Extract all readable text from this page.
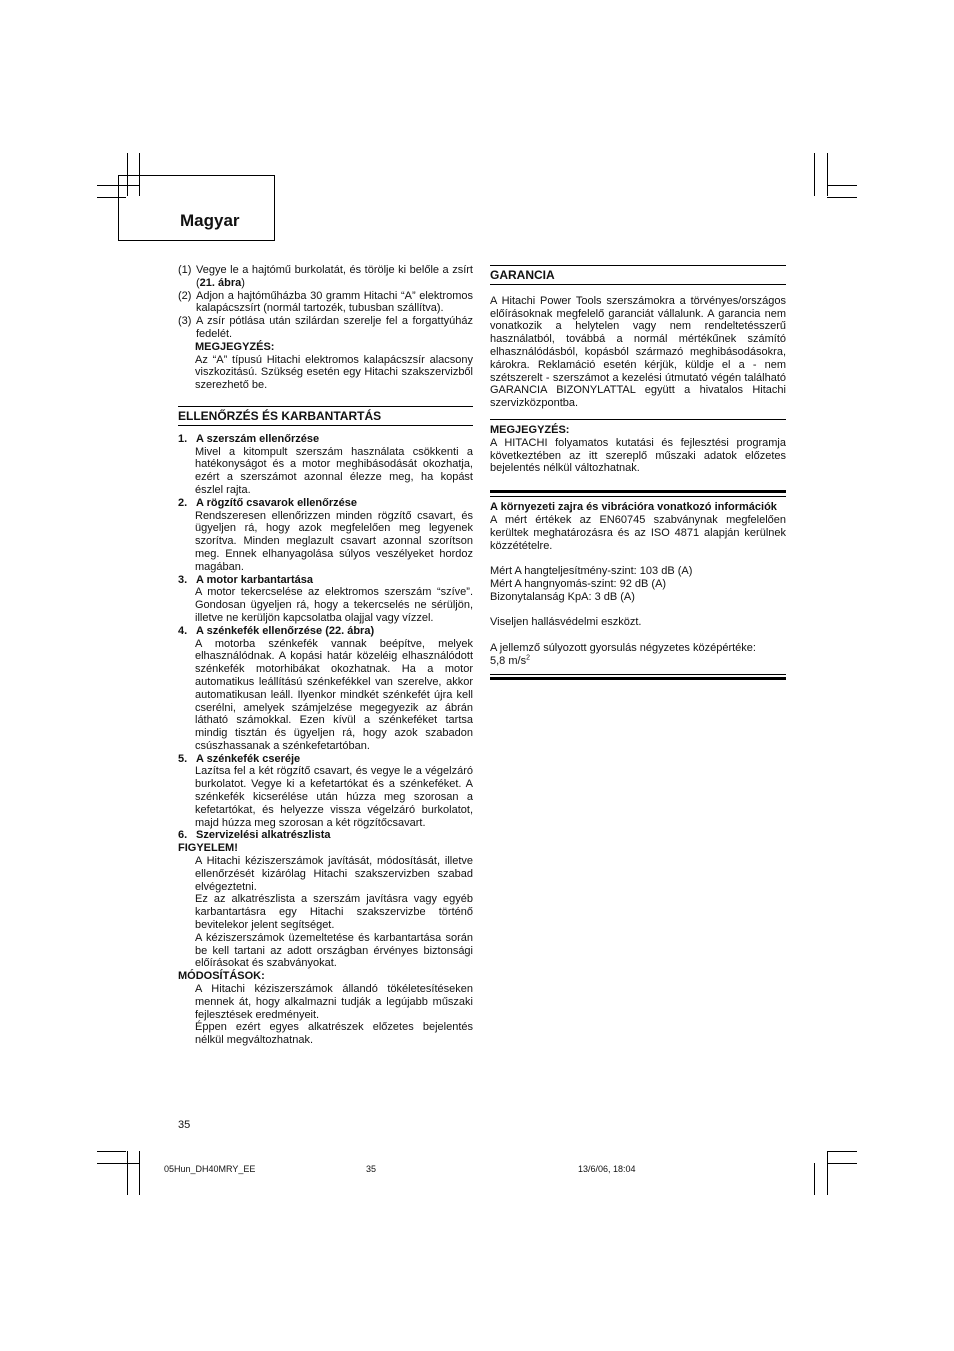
Magyar
(1) Vegye le a hajtómű burkolatát, és törölje ki belőle a zsírt (21. ábra)
(2) Adjon a hajtóműházba 30 gramm Hitachi “A” elektromos kalapácszsírt (normál tartozék, tubusban szállítva).
(3) A zsír pótlása után szilárdan szerelje fel a forgattyúház fedelét.
MEGJEGYZÉS:
Az “A” típusú Hitachi elektromos kalapácszsír alacsony viszkozitású. Szükség esetén egy Hitachi szakszervizből szerezhető be.
ELLENŐRZÉS ÉS KARBANTARTÁS
1. A szerszám ellenőrzése
Mivel a kitompult szerszám használata csökkenti a hatékonyságot és a motor meghibásodását okozhatja, ezért a szerszámot azonnal élezze meg, ha kopást észlel rajta.
2. A rögzítő csavarok ellenőrzése
Rendszeresen ellenőrizzen minden rögzítő csavart, és ügyeljen rá, hogy azok megfelelően meg legyenek szorítva. Minden meglazult csavart azonnal szorítson meg. Ennek elhanyagolása súlyos veszélyeket hordoz magában.
3. A motor karbantartása
A motor tekercselése az elektromos szerszám “szíve”. Gondosan ügyeljen rá, hogy a tekercselés ne sérüljön, illetve ne kerüljön kapcsolatba olajjal vagy vízzel.
4. A szénkefék ellenőrzése (22. ábra)
A motorba szénkefék vannak beépítve, melyek elhasználódnak. A kopási határ közeléig elhasználódott szénkefék motorhibákat okozhatnak. Ha a motor automatikus leállítású szénkefékkel van szerelve, akkor automatikusan leáll. Ilyenkor mindkét szénkefét újra kell cserélni, amelyek számjelzése megegyezik az ábrán látható számokkal. Ezen kívül a szénkeféket tartsa mindig tisztán és ügyeljen rá, hogy azok szabadon csúszhassanak a szénkefetartóban.
5. A szénkefék cseréje
Lazítsa fel a két rögzítő csavart, és vegye le a végelzáró burkolatot. Vegye ki a kefetartókat és a szénkeféket. A szénkefék kicserélése után húzza meg szorosan a kefetartókat, és helyezze vissza végelzáró burkolatot, majd húzza meg szorosan a két rögzítőcsavart.
6. Szervizelési alkatrészlista
FIGYELEM!
A Hitachi kéziszerszámok javítását, módosítását, illetve ellenőrzését kizárólag Hitachi szakszervizben szabad elvégeztetni.
Ez az alkatrészlista a szerszám javításra vagy egyéb karbantartásra egy Hitachi szakszervizbe történő bevitelekor jelent segítséget.
A kéziszerszámok üzemeltetése és karbantartása során be kell tartani az adott országban érvényes biztonsági előírásokat és szabványokat.
MÓDOSÍTÁSOK:
A Hitachi kéziszerszámok állandó tökéletesítéseken mennek át, hogy alkalmazni tudják a legújabb műszaki fejlesztések eredményeit.
Éppen ezért egyes alkatrészek előzetes bejelentés nélkül megváltozhatnak.
GARANCIA
A Hitachi Power Tools szerszámokra a törvényes/országos előírásoknak megfelelő garanciát vállalunk. A garancia nem vonatkozik a helytelen vagy nem rendeltetésszerű használatból, továbbá a normál mértékűnek számító elhasználódásból, kopásból származó meghibásodásokra, károkra. Reklamáció esetén kérjük, küldje el a - nem szétszerelt - szerszámot a kezelési útmutató végén található GARANCIA BIZONYLATTAL együtt a hivatalos Hitachi szervizközpontba.
MEGJEGYZÉS:
A HITACHI folyamatos kutatási és fejlesztési programja következtében az itt szereplő műszaki adatok előzetes bejelentés nélkül változhatnak.
A környezeti zajra és vibrációra vonatkozó információk
A mért értékek az EN60745 szabványnak megfelelően kerültek meghatározásra és az ISO 4871 alapján kerülnek közzétételre.
Mért A hangteljesítmény-szint: 103 dB (A)
Mért A hangnyomás-szint: 92 dB (A)
Bizonytalanság KpA: 3 dB (A)
Viseljen hallásvédelmi eszközt.
A jellemző súlyozott gyorsulás négyzetes középértéke:
5,8 $m/s^2$
35
05Hun_DH40MRY_EE	35	13/6/06, 18:04
